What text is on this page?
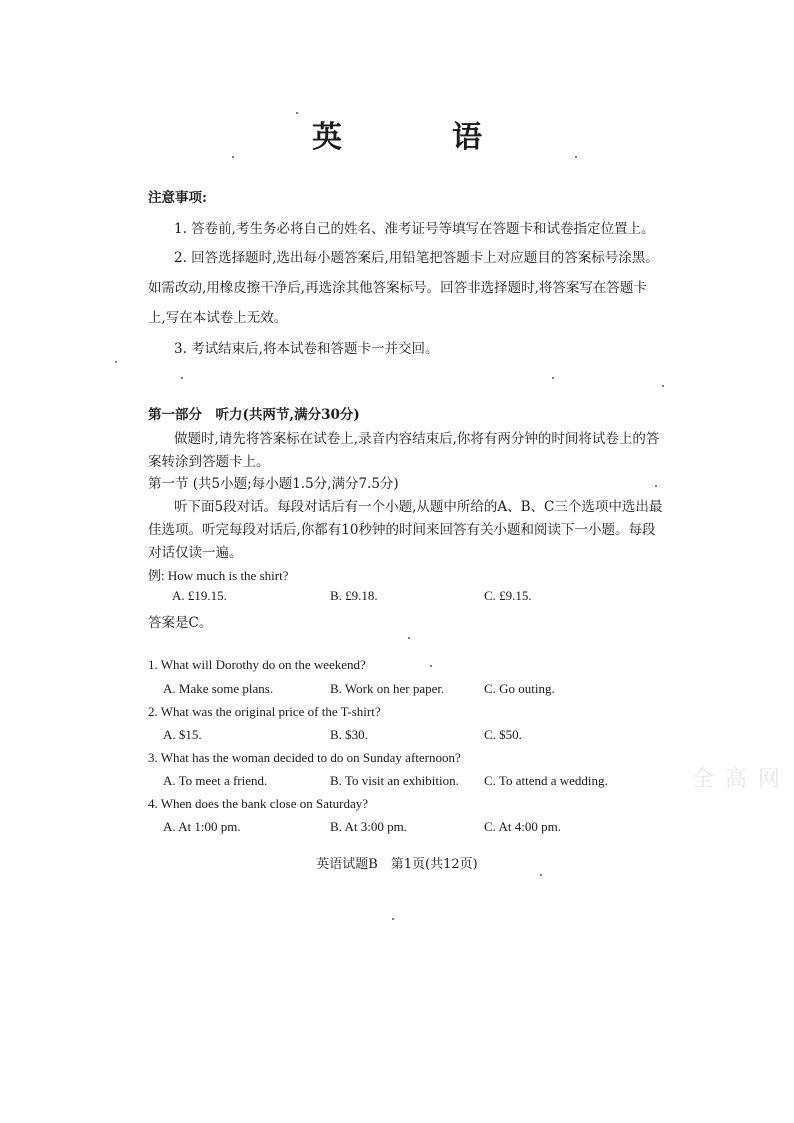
英　语
注意事项:
1. 答卷前,考生务必将自己的姓名、准考证号等填写在答题卡和试卷指定位置上。
2. 回答选择题时,选出每小题答案后,用铅笔把答题卡上对应题目的答案标号涂黑。
如需改动,用橡皮擦干净后,再选涂其他答案标号。回答非选择题时,将答案写在答题卡
上,写在本试卷上无效。
3. 考试结束后,将本试卷和答题卡一并交回。
第一部分　听力(共两节,满分30分)
做题时,请先将答案标在试卷上,录音内容结束后,你将有两分钟的时间将试卷上的答
案转涂到答题卡上。
第一节 (共5小题;每小题1.5分,满分7.5分)
听下面5段对话。每段对话后有一个小题,从题中所给的A、B、C三个选项中选出最
佳选项。听完每段对话后,你都有10秒钟的时间来回答有关小题和阅读下一小题。每段
对话仅读一遍。
例: How much is the shirt?
A. £19.15.	B. £9.18.	C. £9.15.
答案是C。
1. What will Dorothy do on the weekend?
A. Make some plans.	B. Work on her paper.	C. Go outing.
2. What was the original price of the T-shirt?
A. $15.	B. $30.	C. $50.
3. What has the woman decided to do on Sunday afternoon?
A. To meet a friend.	B. To visit an exhibition. C. To attend a wedding.
4. When does the bank close on Saturday?
A. At 1:00 pm.	B. At 3:00 pm.	C. At 4:00 pm.
全 高 网
英语试题B　第1页(共12页)
